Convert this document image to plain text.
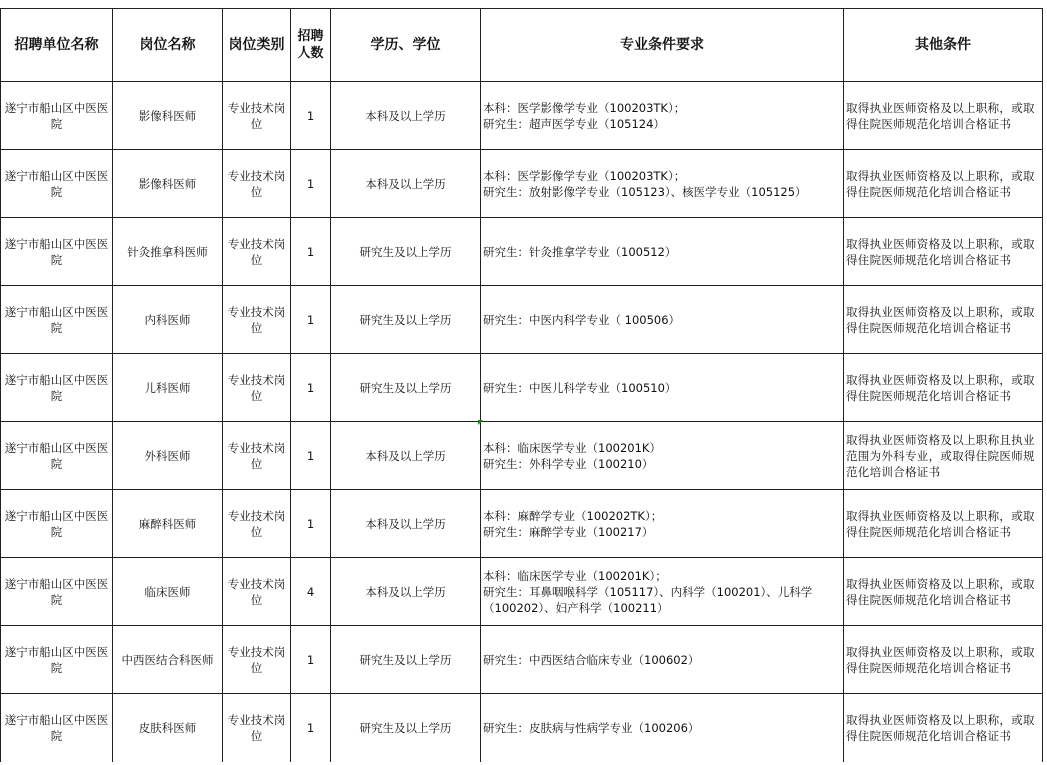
招聘单位名称	岗位名称	岗位类别	招聘人数	学历、学位	专业条件要求	其他条件
遂宁市船山区中医医院	影像科医师	专业技术岗位	1	本科及以上学历	本科：医学影像学专业（100203TK）；
研究生：超声医学专业（105124）	取得执业医师资格及以上职称，或取得住院医师规范化培训合格证书
遂宁市船山区中医医院	影像科医师	专业技术岗位	1	本科及以上学历	本科：医学影像学专业（100203TK）；
研究生：放射影像学专业（105123）、核医学专业（105125）	取得执业医师资格及以上职称，或取得住院医师规范化培训合格证书
遂宁市船山区中医医院	针灸推拿科医师	专业技术岗位	1	研究生及以上学历	研究生：针灸推拿学专业（100512）	取得执业医师资格及以上职称，或取得住院医师规范化培训合格证书
遂宁市船山区中医医院	内科医师	专业技术岗位	1	研究生及以上学历	研究生：中医内科学专业（ 100506）	取得执业医师资格及以上职称，或取得住院医师规范化培训合格证书
遂宁市船山区中医医院	儿科医师	专业技术岗位	1	研究生及以上学历	研究生：中医儿科学专业（100510）	取得执业医师资格及以上职称，或取得住院医师规范化培训合格证书
遂宁市船山区中医医院	外科医师	专业技术岗位	1	本科及以上学历	本科：临床医学专业（100201K）
研究生：外科学专业（100210）	取得执业医师资格及以上职称且执业范围为外科专业，或取得住院医师规范化培训合格证书
遂宁市船山区中医医院	麻醉科医师	专业技术岗位	1	本科及以上学历	本科：麻醉学专业（100202TK）；
研究生：麻醉学专业（100217）	取得执业医师资格及以上职称，或取得住院医师规范化培训合格证书
遂宁市船山区中医医院	临床医师	专业技术岗位	4	本科及以上学历	本科：临床医学专业（100201K）；
研究生：耳鼻咽喉科学（105117）、内科学（100201）、儿科学（100202）、妇产科学（100211）	取得执业医师资格及以上职称，或取得住院医师规范化培训合格证书
遂宁市船山区中医医院	中西医结合科医师	专业技术岗位	1	研究生及以上学历	研究生：中西医结合临床专业（100602）	取得执业医师资格及以上职称，或取得住院医师规范化培训合格证书
遂宁市船山区中医医院	皮肤科医师	专业技术岗位	1	研究生及以上学历	研究生：皮肤病与性病学专业（100206）	取得执业医师资格及以上职称，或取得住院医师规范化培训合格证书
